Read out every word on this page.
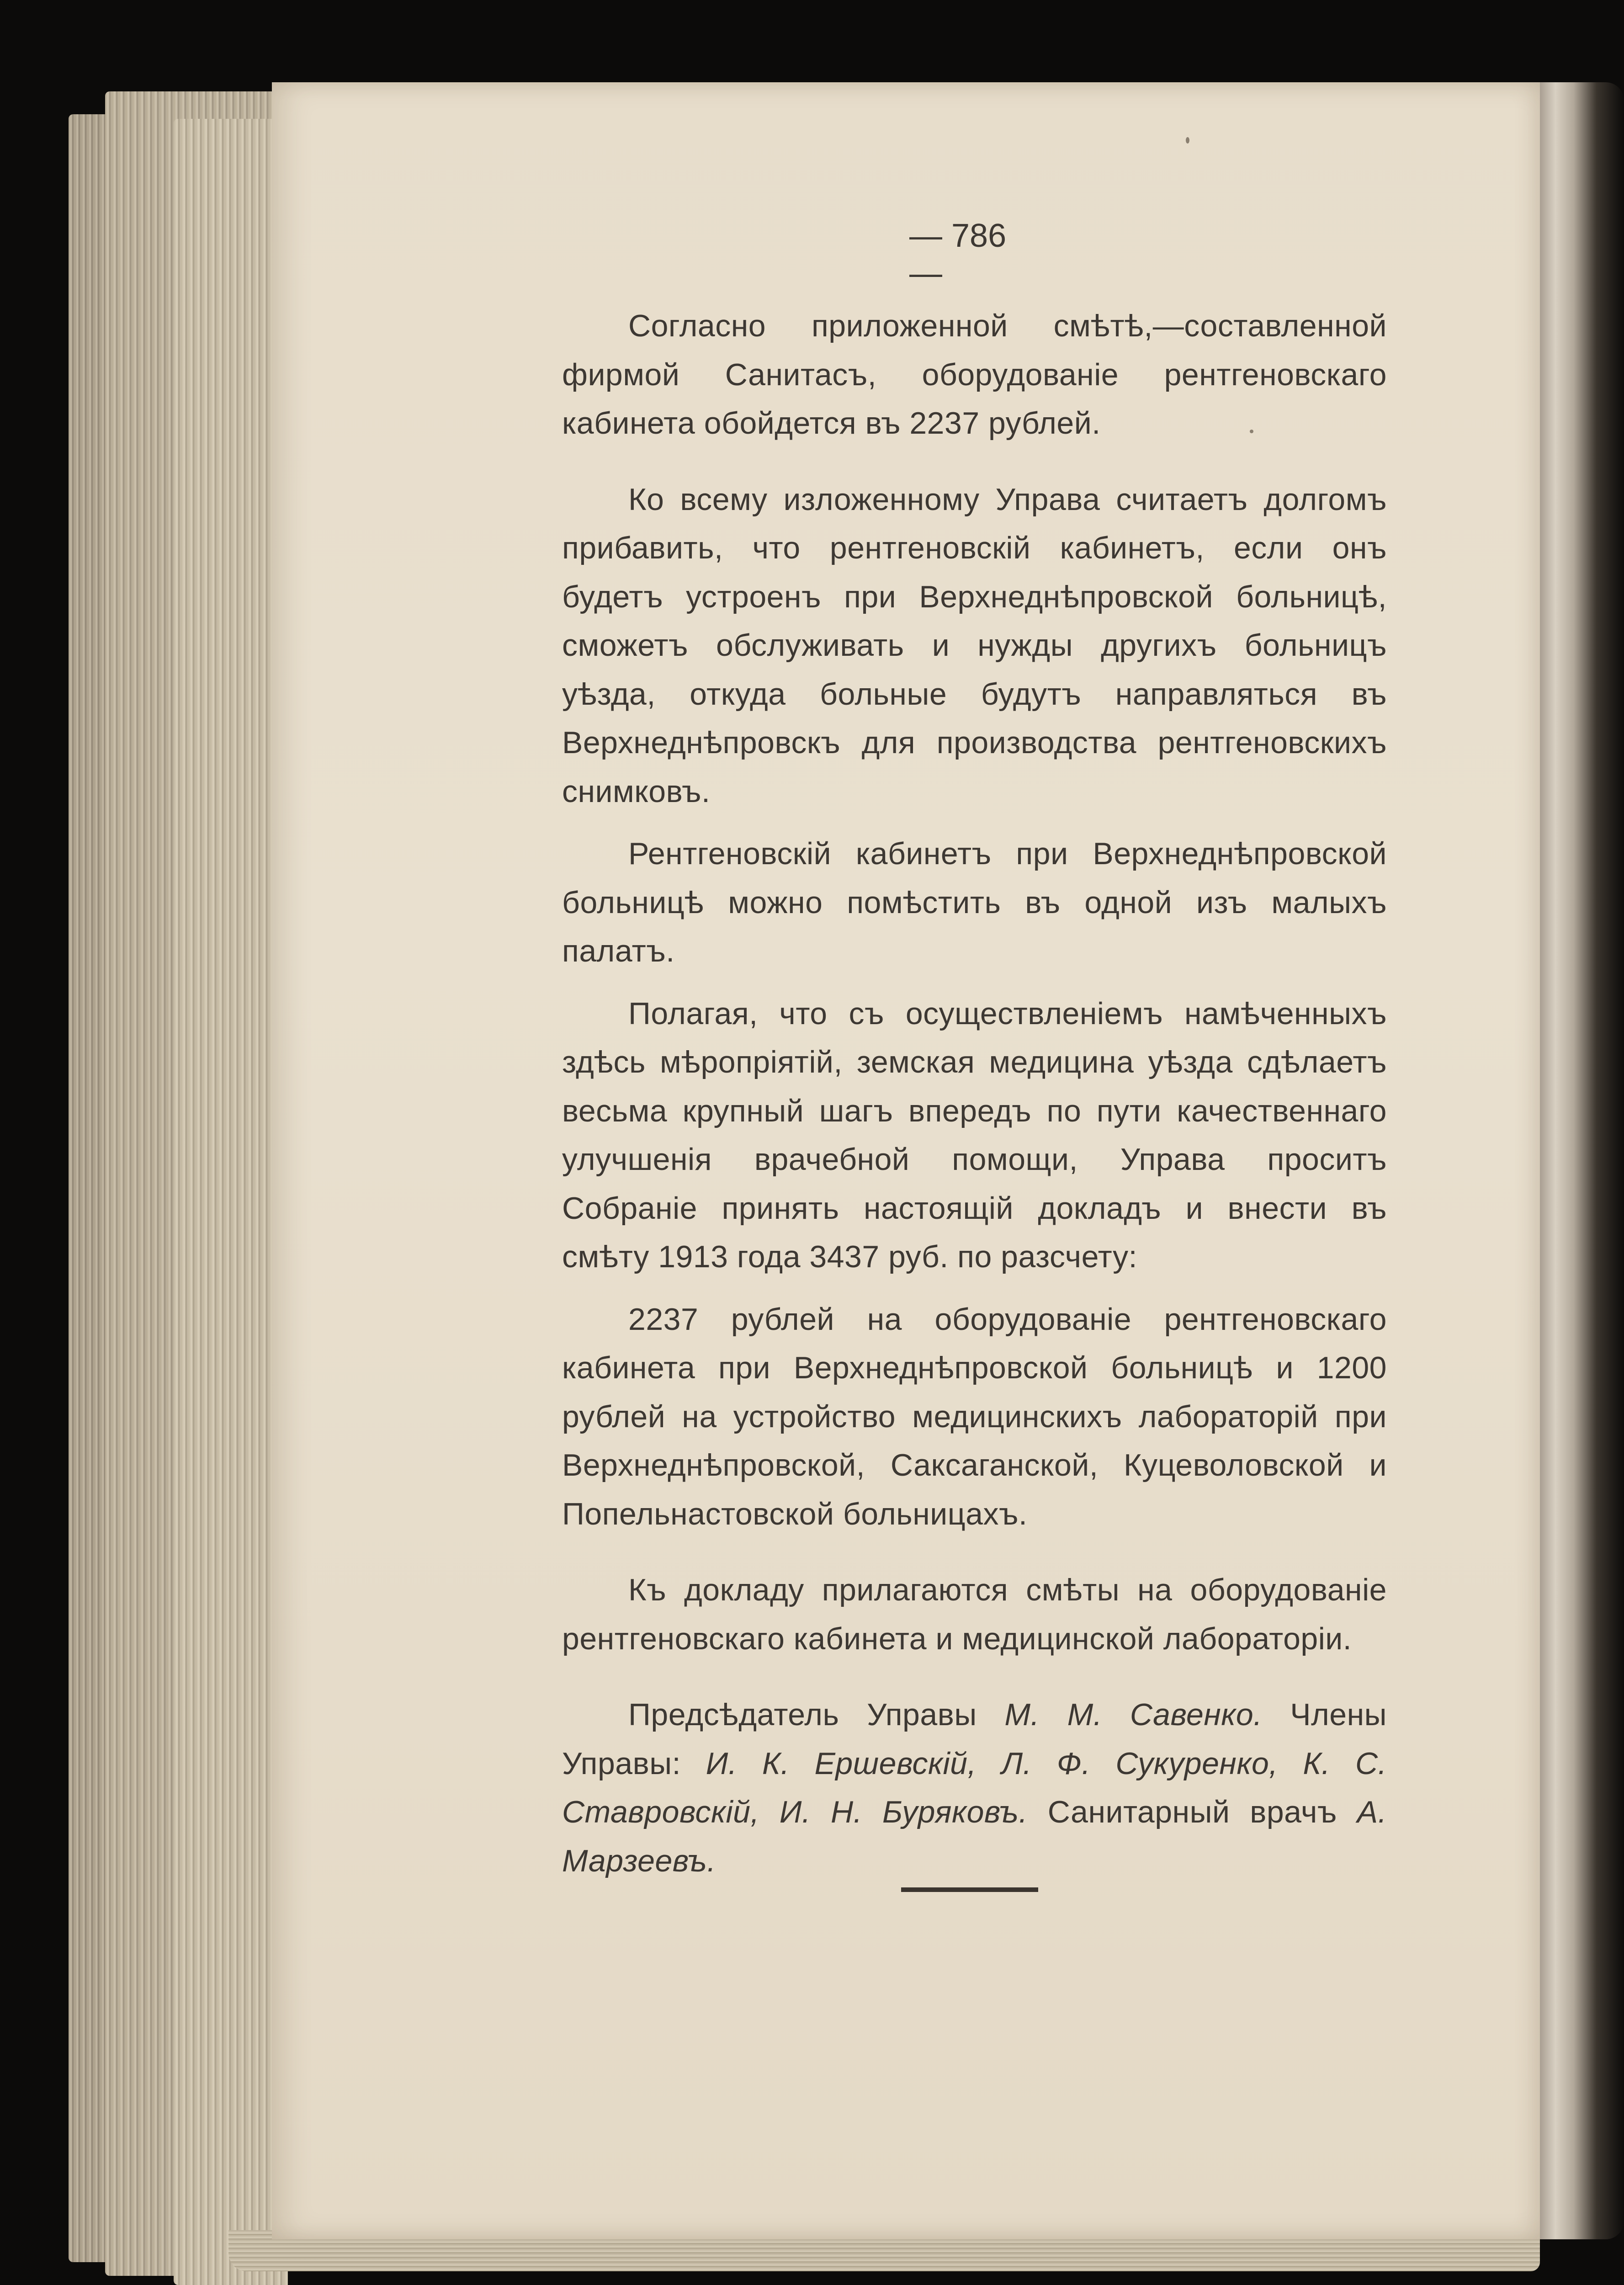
— 786 —

Согласно приложенной смѣтѣ,—составленной фирмой Санитасъ, оборудованіе рентгеновскаго кабинета обойдется въ 2237 рублей.

Ко всему изложенному Управа считаетъ долгомъ прибавить, что рентгеновскій кабинетъ, если онъ будетъ устроенъ при Верхнеднѣпровской больницѣ, сможетъ обслуживать и нужды другихъ больницъ уѣзда, откуда больные будутъ направляться въ Верхнеднѣпровскъ для производства рентгеновскихъ снимковъ.

Рентгеновскій кабинетъ при Верхнеднѣпровской больницѣ можно помѣстить въ одной изъ малыхъ палатъ.

Полагая, что съ осуществленіемъ намѣченныхъ здѣсь мѣропріятій, земская медицина уѣзда сдѣлаетъ весьма крупный шагъ впередъ по пути качественнаго улучшенія врачебной помощи, Управа проситъ Собраніе принять настоящій докладъ и внести въ смѣту 1913 года 3437 руб. по разсчету:

2237 рублей на оборудованіе рентгеновскаго кабинета при Верхнеднѣпровской больницѣ и 1200 рублей на устройство медицинскихъ лабораторій при Верхнеднѣпровской, Саксаганской, Куцеволовской и Попельнастовской больницахъ.

Къ докладу прилагаются смѣты на оборудованіе рентгеновскаго кабинета и медицинской лабораторіи.

Предсѣдатель Управы М. М. Савенко. Члены Управы: И. К. Ершевскій, Л. Ф. Сукуренко, К. С. Ставровскій, И. Н. Буряковъ. Санитарный врачъ А. Марзеевъ.
